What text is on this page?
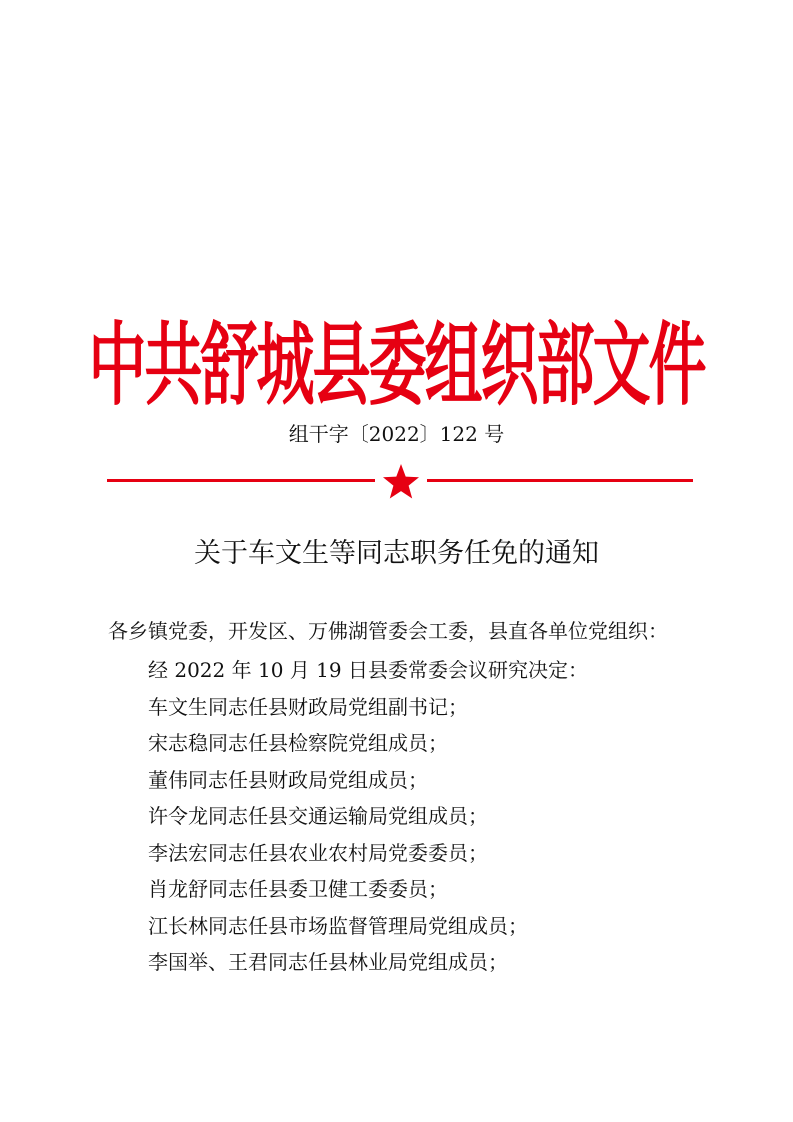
中共舒城县委组织部文件
组干字〔2022〕122 号
关于车文生等同志职务任免的通知
各乡镇党委，开发区、万佛湖管委会工委，县直各单位党组织：
经 2022 年 10 月 19 日县委常委会议研究决定：
车文生同志任县财政局党组副书记；
宋志稳同志任县检察院党组成员；
董伟同志任县财政局党组成员；
许令龙同志任县交通运输局党组成员；
李法宏同志任县农业农村局党委委员；
肖龙舒同志任县委卫健工委委员；
江长林同志任县市场监督管理局党组成员；
李国举、王君同志任县林业局党组成员；
